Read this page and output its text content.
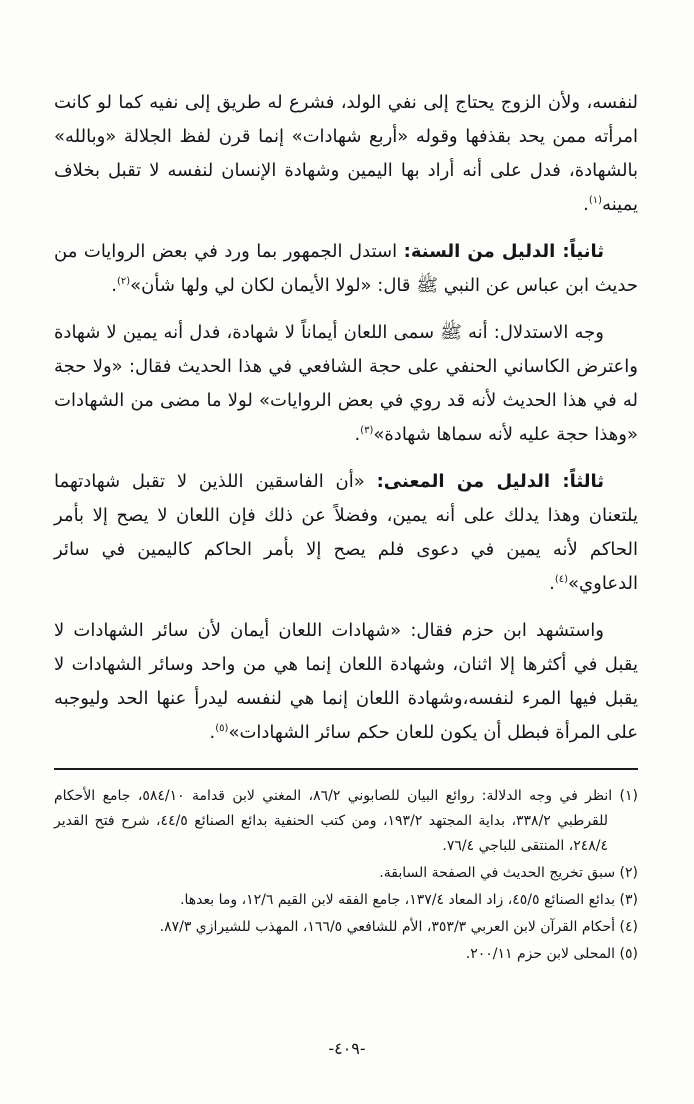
لنفسه، ولأن الزوج يحتاج إلى نفي الولد، فشرع له طريق إلى نفيه كما لو كانت امرأته ممن يحد بقذفها وقوله «أربع شهادات» إنما قرن لفظ الجلالة «وبالله» بالشهادة، فدل على أنه أراد بها اليمين وشهادة الإنسان لنفسه لا تقبل بخلاف يمينه$^{(١)}$.

ثانياً: الدليل من السنة: استدل الجمهور بما ورد في بعض الروايات من حديث ابن عباس عن النبي ﷺ قال: «لولا الأيمان لكان لي ولها شأن»$^{(٢)}$.

وجه الاستدلال: أنه ﷺ سمى اللعان أيماناً لا شهادة، فدل أنه يمين لا شهادة واعترض الكاساني الحنفي على حجة الشافعي في هذا الحديث فقال: «ولا حجة له في هذا الحديث لأنه قد روي في بعض الروايات» لولا ما مضى من الشهادات «وهذا حجة عليه لأنه سماها شهادة»$^{(٣)}$.

ثالثاً: الدليل من المعنى: «أن الفاسقين اللذين لا تقبل شهادتهما يلتعنان وهذا يدلك على أنه يمين، وفضلاً عن ذلك فإن اللعان لا يصح إلا بأمر الحاكم لأنه يمين في دعوى فلم يصح إلا بأمر الحاكم كاليمين في سائر الدعاوي»$^{(٤)}$.

واستشهد ابن حزم فقال: «شهادات اللعان أيمان لأن سائر الشهادات لا يقبل في أكثرها إلا اثنان، وشهادة اللعان إنما هي من واحد وسائر الشهادات لا يقبل فيها المرء لنفسه،وشهادة اللعان إنما هي لنفسه ليدرأ عنها الحد وليوجبه على المرأة فبطل أن يكون للعان حكم سائر الشهادات»$^{(٥)}$.

(١) انظر في وجه الدلالة: روائع البيان للصابوني ٨٦/٢، المغني لابن قدامة ٥٨٤/١٠، جامع الأحكام للقرطبي ٣٣٨/٢، بداية المجتهد ١٩٣/٢، ومن كتب الحنفية بدائع الصنائع ٤٤/٥، شرح فتح القدير ٢٤٨/٤، المنتقى للباجي ٧٦/٤.

(٢) سبق تخريج الحديث في الصفحة السابقة.

(٣) بدائع الصنائع ٤٥/٥، زاد المعاد ١٣٧/٤، جامع الفقه لابن القيم ١٢/٦، وما بعدها.

(٤) أحكام القرآن لابن العربي ٣٥٣/٣، الأم للشافعي ١٦٦/٥، المهذب للشيرازي ٨٧/٣.

(٥) المحلى لابن حزم ٢٠٠/١١.

-٤٠٩-
